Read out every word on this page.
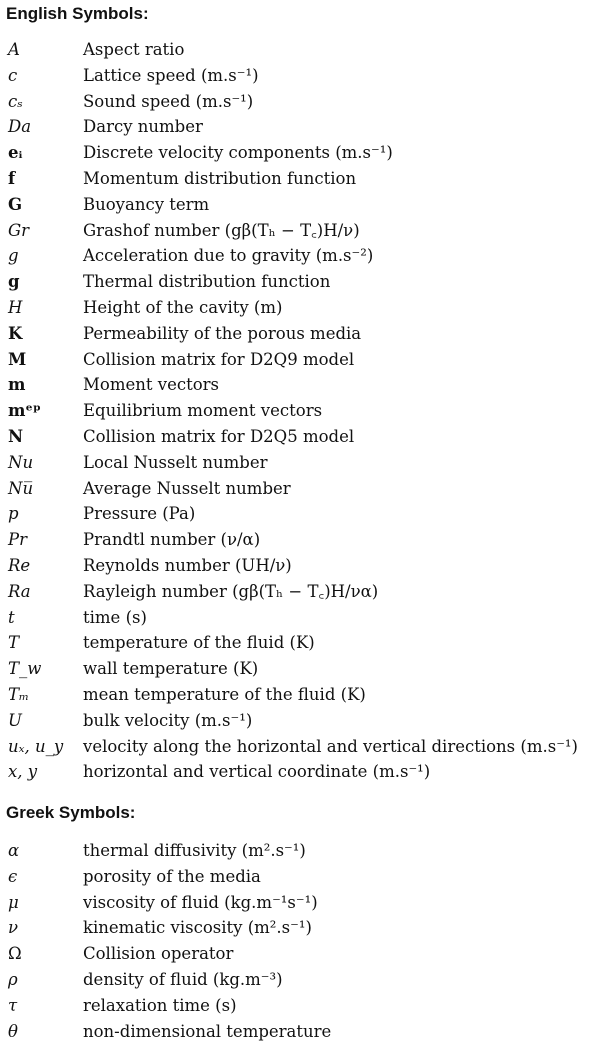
English Symbols:
A	Aspect ratio
c	Lattice speed (m.s⁻¹)
cₛ	Sound speed (m.s⁻¹)
Da	Darcy number
eᵢ	Discrete velocity components (m.s⁻¹)
f	Momentum distribution function
G	Buoyancy term
Gr	Grashof number (gβ(Tₕ − T꜀)H/ν)
g	Acceleration due to gravity (m.s⁻²)
g	Thermal distribution function
H	Height of the cavity (m)
K	Permeability of the porous media
M	Collision matrix for D2Q9 model
m	Moment vectors
mᵉᵖ	Equilibrium moment vectors
N	Collision matrix for D2Q5 model
Nu	Local Nusselt number
Nu̅	Average Nusselt number
p	Pressure (Pa)
Pr	Prandtl number (ν/α)
Re	Reynolds number (UH/ν)
Ra	Rayleigh number (gβ(Tₕ − T꜀)H/να)
t	time (s)
T	temperature of the fluid (K)
T_w	wall temperature (K)
Tₘ	mean temperature of the fluid (K)
U	bulk velocity (m.s⁻¹)
uₓ, u_y	velocity along the horizontal and vertical directions (m.s⁻¹)
x, y	horizontal and vertical coordinate (m.s⁻¹)
Greek Symbols:
α	thermal diffusivity (m².s⁻¹)
ϵ	porosity of the media
μ	viscosity of fluid (kg.m⁻¹s⁻¹)
ν	kinematic viscosity (m².s⁻¹)
Ω	Collision operator
ρ	density of fluid (kg.m⁻³)
τ	relaxation time (s)
θ	non-dimensional temperature
